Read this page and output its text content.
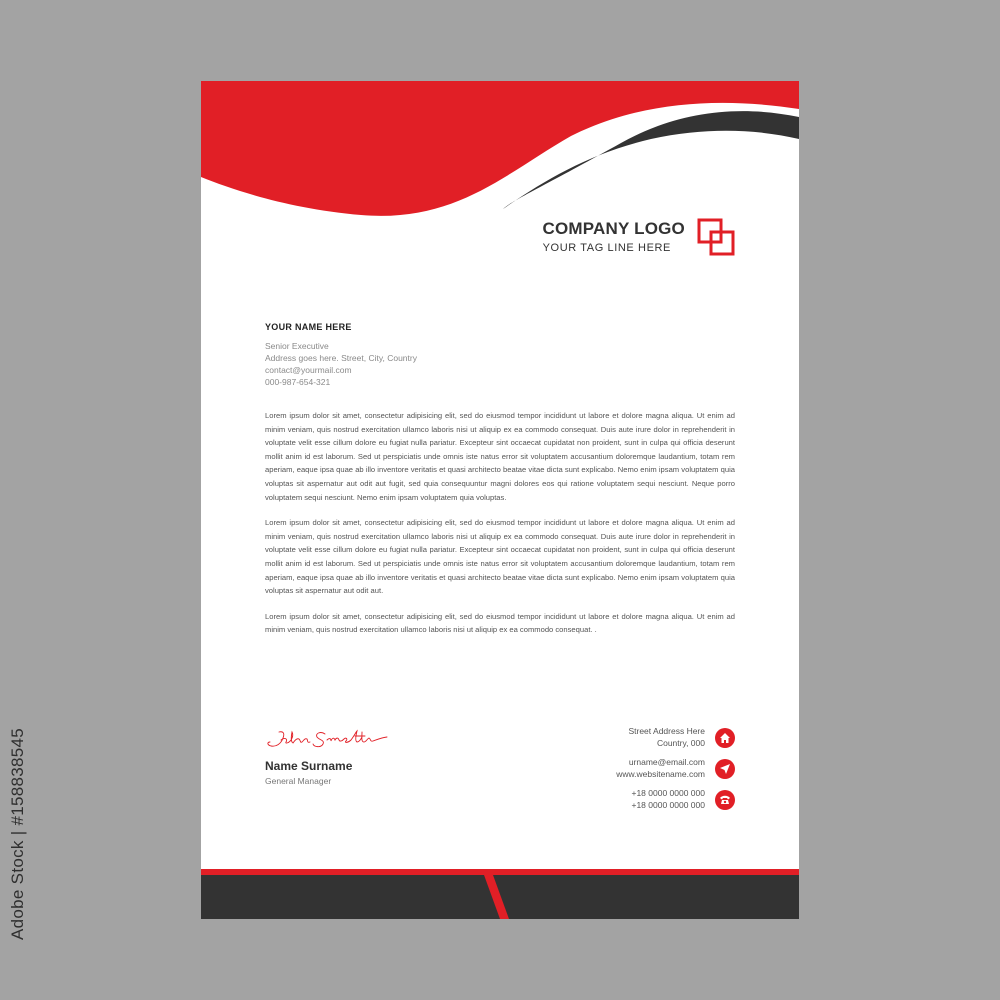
COMPANY LOGO
YOUR TAG LINE HERE
YOUR NAME HERE
Senior Executive
Address goes here. Street, City, Country
contact@yourmail.com
000-987-654-321

Lorem ipsum dolor sit amet, consectetur adipisicing elit, sed do eiusmod tempor incididunt ut labore et dolore magna aliqua. Ut enim ad minim veniam, quis nostrud exercitation ullamco laboris nisi ut aliquip ex ea commodo consequat. Duis aute irure dolor in reprehenderit in voluptate velit esse cillum dolore eu fugiat nulla pariatur. Excepteur sint occaecat cupidatat non proident, sunt in culpa qui officia deserunt mollit anim id est laborum. Sed ut perspiciatis unde omnis iste natus error sit voluptatem accusantium doloremque laudantium, totam rem aperiam, eaque ipsa quae ab illo inventore veritatis et quasi architecto beatae vitae dicta sunt explicabo. Nemo enim ipsam voluptatem quia voluptas sit aspernatur aut odit aut fugit, sed quia consequuntur magni dolores eos qui ratione voluptatem sequi nesciunt. Neque porro voluptatem sequi nesciunt. Nemo enim ipsam voluptatem quia voluptas.

Lorem ipsum dolor sit amet, consectetur adipisicing elit, sed do eiusmod tempor incididunt ut labore et dolore magna aliqua. Ut enim ad minim veniam, quis nostrud exercitation ullamco laboris nisi ut aliquip ex ea commodo consequat. Duis aute irure dolor in reprehenderit in voluptate velit esse cillum dolore eu fugiat nulla pariatur. Excepteur sint occaecat cupidatat non proident, sunt in culpa qui officia deserunt mollit anim id est laborum. Sed ut perspiciatis unde omnis iste natus error sit voluptatem accusantium doloremque laudantium, totam rem aperiam, eaque ipsa quae ab illo inventore veritatis et quasi architecto beatae vitae dicta sunt explicabo. Nemo enim ipsam voluptatem quia voluptas sit aspernatur aut odit aut.

Lorem ipsum dolor sit amet, consectetur adipisicing elit, sed do eiusmod tempor incididunt ut labore et dolore magna aliqua. Ut enim ad minim veniam, quis nostrud exercitation ullamco laboris nisi ut aliquip ex ea commodo consequat. .

Name Surname
General Manager
Street Address Here
Country, 000
urname@email.com
www.websitename.com
+18 0000 0000 000
+18 0000 0000 000
Adobe Stock | #158838545
